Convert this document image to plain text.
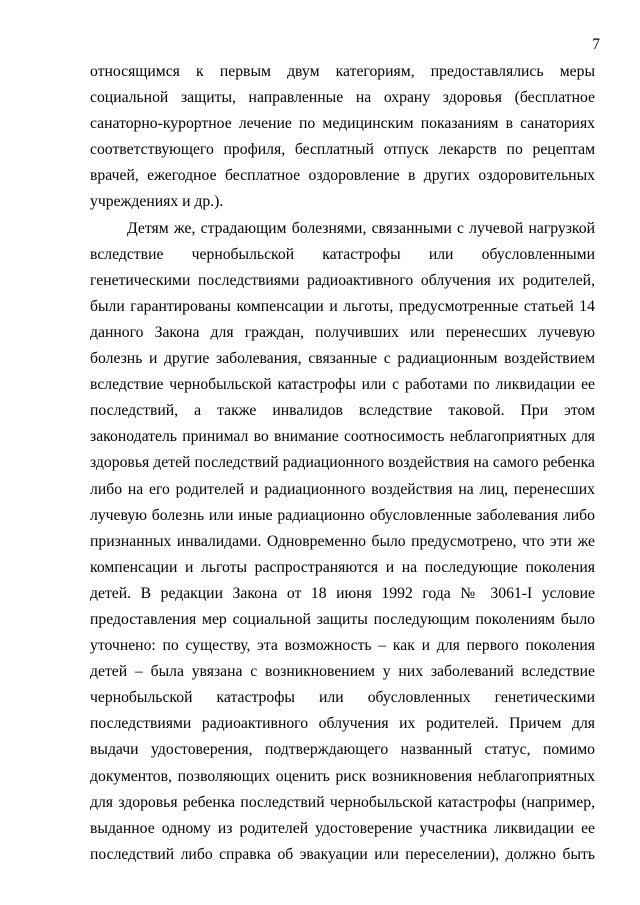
7
относящимся к первым двум категориям, предоставлялись меры
социальной защиты, направленные на охрану здоровья (бесплатное
санаторно-курортное лечение по медицинским показаниям в санаториях
соответствующего профиля, бесплатный отпуск лекарств по рецептам
врачей, ежегодное бесплатное оздоровление в других оздоровительных
учреждениях и др.).
Детям же, страдающим болезнями, связанными с лучевой нагрузкой
вследствие чернобыльской катастрофы или обусловленными
генетическими последствиями радиоактивного облучения их родителей,
были гарантированы компенсации и льготы, предусмотренные статьей 14
данного Закона для граждан, получивших или перенесших лучевую
болезнь и другие заболевания, связанные с радиационным воздействием
вследствие чернобыльской катастрофы или с работами по ликвидации ее
последствий, а также инвалидов вследствие таковой. При этом
законодатель принимал во внимание соотносимость неблагоприятных для
здоровья детей последствий радиационного воздействия на самого ребенка
либо на его родителей и радиационного воздействия на лиц, перенесших
лучевую болезнь или иные радиационно обусловленные заболевания либо
признанных инвалидами. Одновременно было предусмотрено, что эти же
компенсации и льготы распространяются и на последующие поколения
детей. В редакции Закона от 18 июня 1992 года № 3061-I условие
предоставления мер социальной защиты последующим поколениям было
уточнено: по существу, эта возможность – как и для первого поколения
детей – была увязана с возникновением у них заболеваний вследствие
чернобыльской катастрофы или обусловленных генетическими
последствиями радиоактивного облучения их родителей. Причем для
выдачи удостоверения, подтверждающего названный статус, помимо
документов, позволяющих оценить риск возникновения неблагоприятных
для здоровья ребенка последствий чернобыльской катастрофы (например,
выданное одному из родителей удостоверение участника ликвидации ее
последствий либо справка об эвакуации или переселении), должно быть
